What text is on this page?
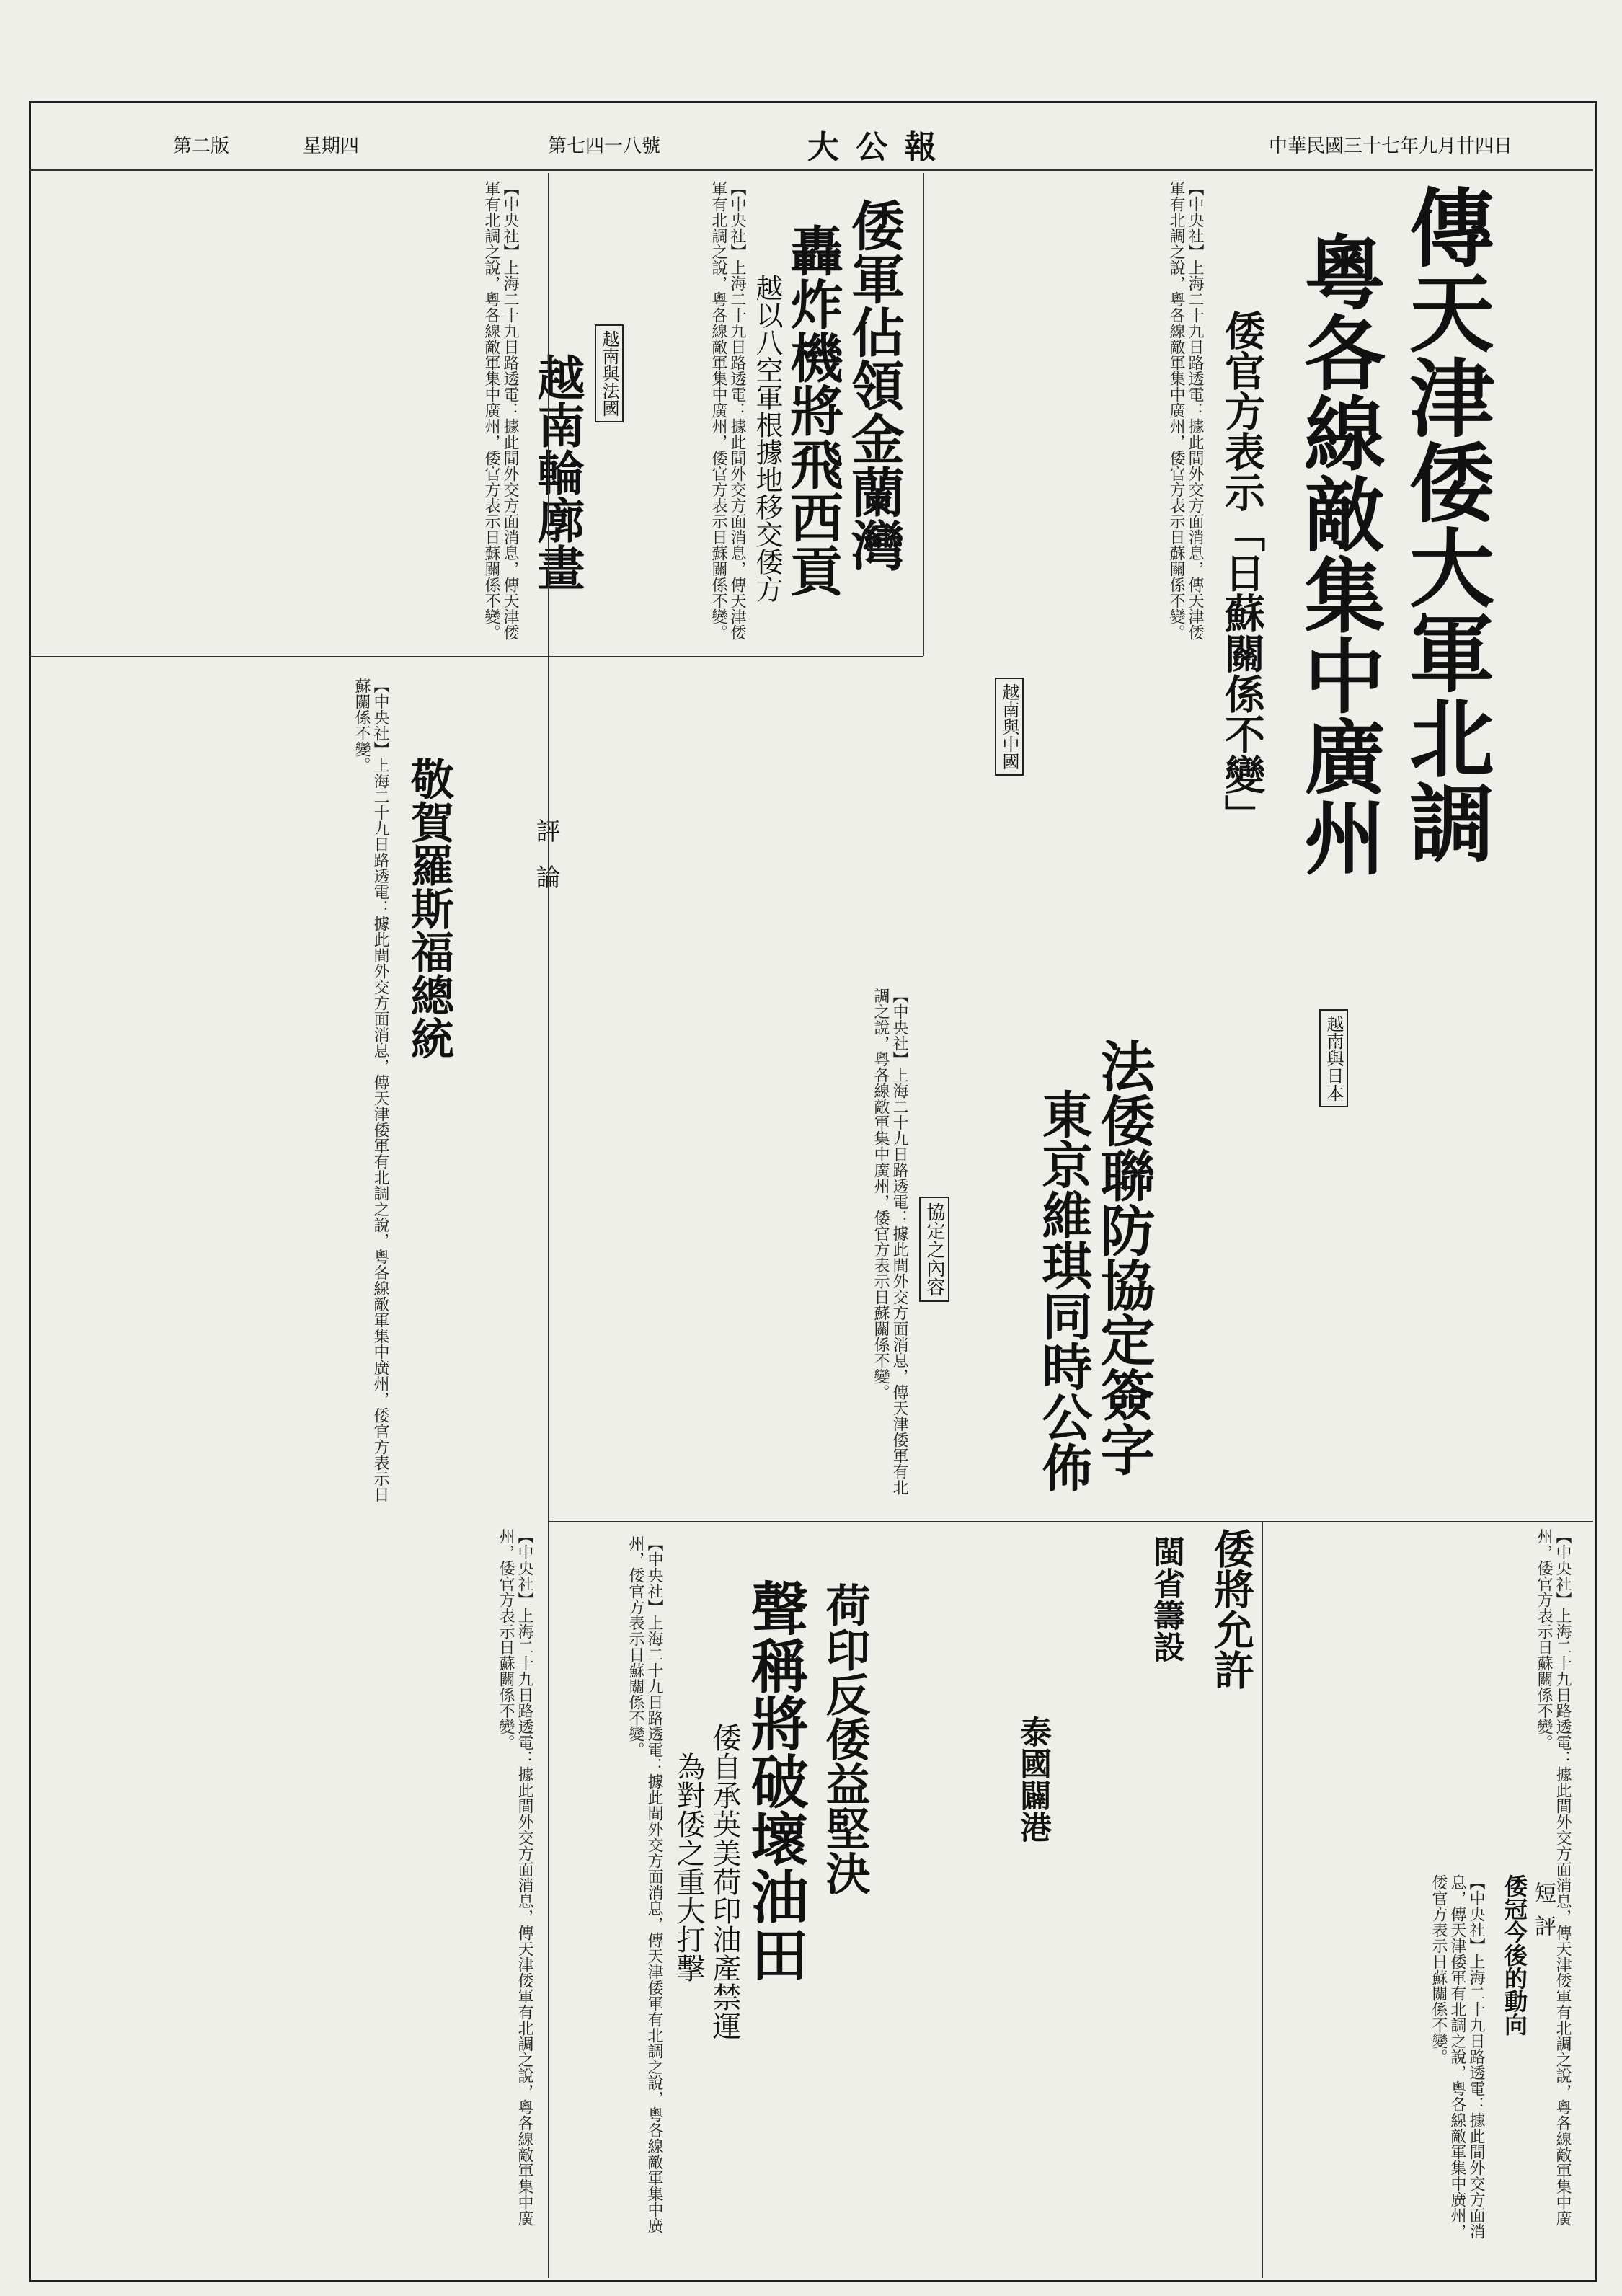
中華民國三十七年九月廿四日
大 公 報
第七四一八號
星期四
第二版
傳天津倭大軍北調
粵各線敵集中廣州
倭官方表示「日蘇關係不變」
【中央社】上海二十九日路透電：據此間外交方面消息，傳天津倭軍有北調之說，粵各線敵軍集中廣州，倭官方表示日蘇關係不變。
倭軍佔領金蘭灣
轟炸機將飛西貢
越以八空軍根據地移交倭方
【中央社】上海二十九日路透電：據此間外交方面消息，傳天津倭軍有北調之說，粵各線敵軍集中廣州，倭官方表示日蘇關係不變。
越南輪廓畫 越南與法國
越南與中國
越南與日本
【中央社】上海二十九日路透電：據此間外交方面消息，傳天津倭軍有北調之說，粵各線敵軍集中廣州，倭官方表示日蘇關係不變。
評論
敬賀羅斯福總統
【中央社】上海二十九日路透電：據此間外交方面消息，傳天津倭軍有北調之說，粵各線敵軍集中廣州，倭官方表示日蘇關係不變。
【中央社】上海二十九日路透電：據此間外交方面消息，傳天津倭軍有北調之說，粵各線敵軍集中廣州，倭官方表示日蘇關係不變。
法倭聯防協定簽字
東京維琪同時公佈
協定之內容
【中央社】上海二十九日路透電：據此間外交方面消息，傳天津倭軍有北調之說，粵各線敵軍集中廣州，倭官方表示日蘇關係不變。
倭將允許
閩省籌設
泰國闢港	【中央社】上海二十九日路透電：據此間外交方面消息，傳天津倭軍有北調之說，粵各線敵軍集中廣州，倭官方表示日蘇關係不變。
荷印反倭益堅決
聲稱將破壞油田
倭自承英美荷印油產禁運
為對倭之重大打擊
【中央社】上海二十九日路透電：據此間外交方面消息，傳天津倭軍有北調之說，粵各線敵軍集中廣州，倭官方表示日蘇關係不變。
短評
倭冠今後的動向
【中央社】上海二十九日路透電：據此間外交方面消息，傳天津倭軍有北調之說，粵各線敵軍集中廣州，倭官方表示日蘇關係不變。
